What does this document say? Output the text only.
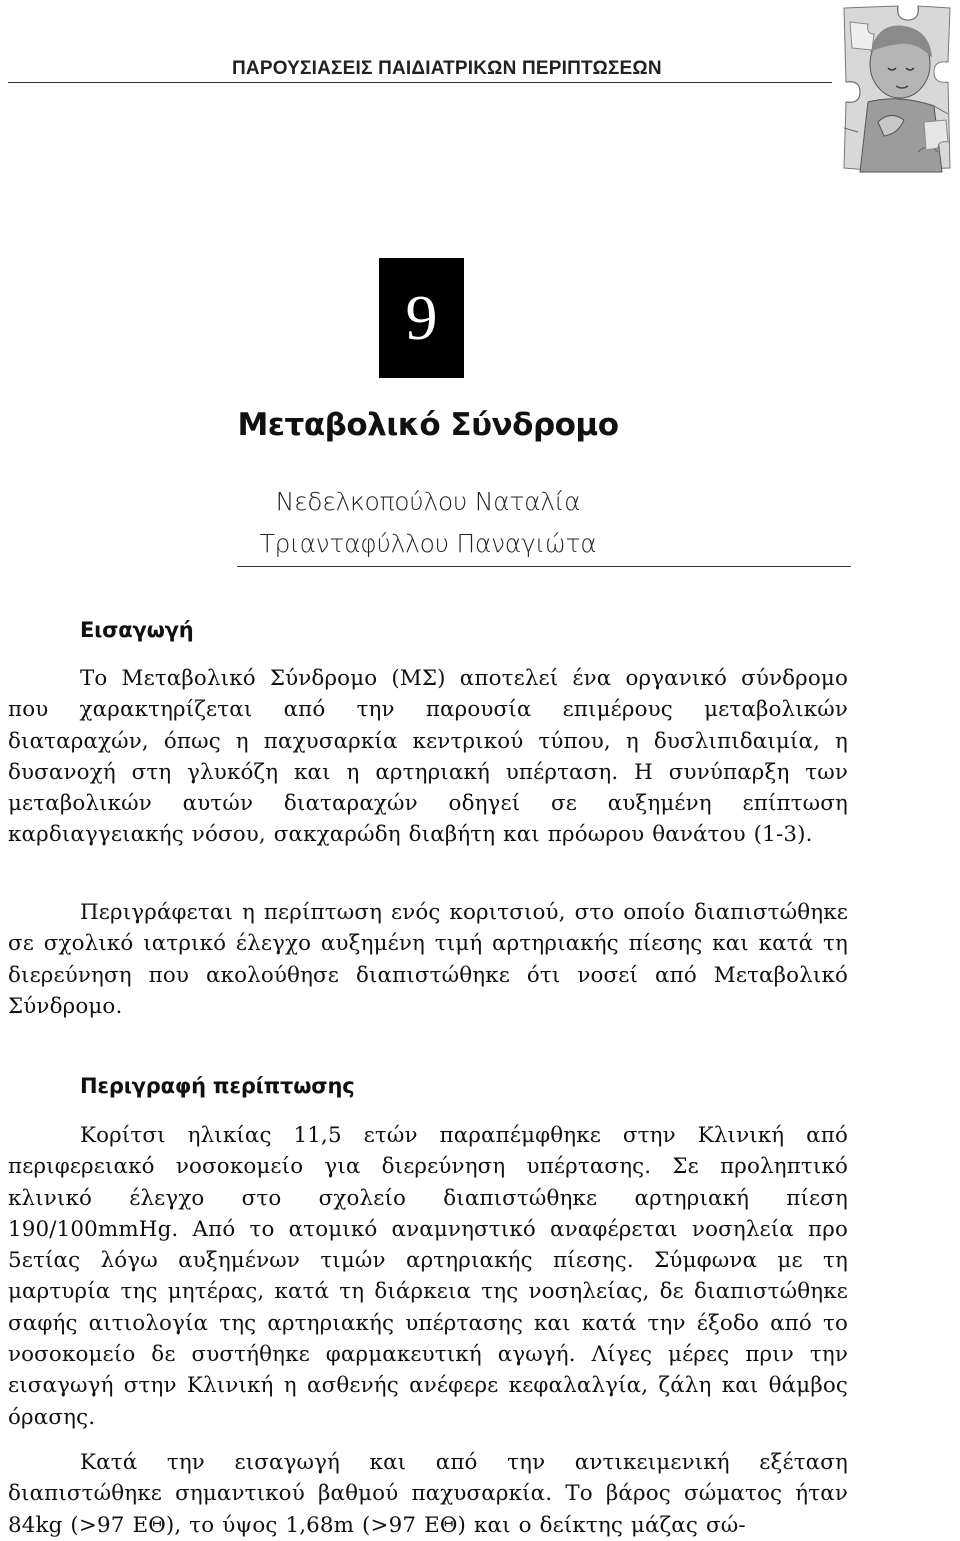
ΠΑΡΟΥΣΙΑΣΕΙΣ ΠΑΙΔΙΑΤΡΙΚΩΝ ΠΕΡΙΠΤΩΣΕΩΝ
9
Μεταβολικό Σύνδρομο

Νεδελκοπούλου Ναταλία

Τριανταφύλλου Παναγιώτα

Εισαγωγή

Το Μεταβολικό Σύνδρομο (ΜΣ) αποτελεί ένα οργανικό σύνδρομο που χαρακτηρίζεται από την παρουσία επιμέρους μεταβολικών διαταραχών, όπως η παχυσαρκία κεντρικού τύπου, η δυσλιπιδαιμία, η δυσανοχή στη γλυκόζη και η αρτηριακή υπέρταση. Η συνύπαρξη των μεταβολικών αυτών διαταραχών οδηγεί σε αυξημένη επίπτωση καρδιαγγειακής νόσου, σακχαρώδη διαβήτη και πρόωρου θανάτου (1-3).

Περιγράφεται η περίπτωση ενός κοριτσιού, στο οποίο διαπιστώθηκε σε σχολικό ιατρικό έλεγχο αυξημένη τιμή αρτηριακής πίεσης και κατά τη διερεύνηση που ακολούθησε διαπιστώθηκε ότι νοσεί από Μεταβολικό Σύνδρομο.

Περιγραφή περίπτωσης

Κορίτσι ηλικίας 11,5 ετών παραπέμφθηκε στην Κλινική από περιφερειακό νοσοκομείο για διερεύνηση υπέρτασης. Σε προληπτικό κλινικό έλεγχο στο σχολείο διαπιστώθηκε αρτηριακή πίεση 190/100mmHg. Από το ατομικό αναμνηστικό αναφέρεται νοσηλεία προ 5ετίας λόγω αυξημένων τιμών αρτηριακής πίεσης. Σύμφωνα με τη μαρτυρία της μητέρας, κατά τη διάρκεια της νοσηλείας, δε διαπιστώθηκε σαφής αιτιολογία της αρτηριακής υπέρτασης και κατά την έξοδο από το νοσοκομείο δε συστήθηκε φαρμακευτική αγωγή. Λίγες μέρες πριν την εισαγωγή στην Κλινική η ασθενής ανέφερε κεφαλαλγία, ζάλη και θάμβος όρασης.

Κατά την εισαγωγή και από την αντικειμενική εξέταση διαπιστώθηκε σημαντικού βαθμού παχυσαρκία. Το βάρος σώματος ήταν 84kg (>97 ΕΘ), το ύψος 1,68m (>97 ΕΘ) και ο δείκτης μάζας σώ-
